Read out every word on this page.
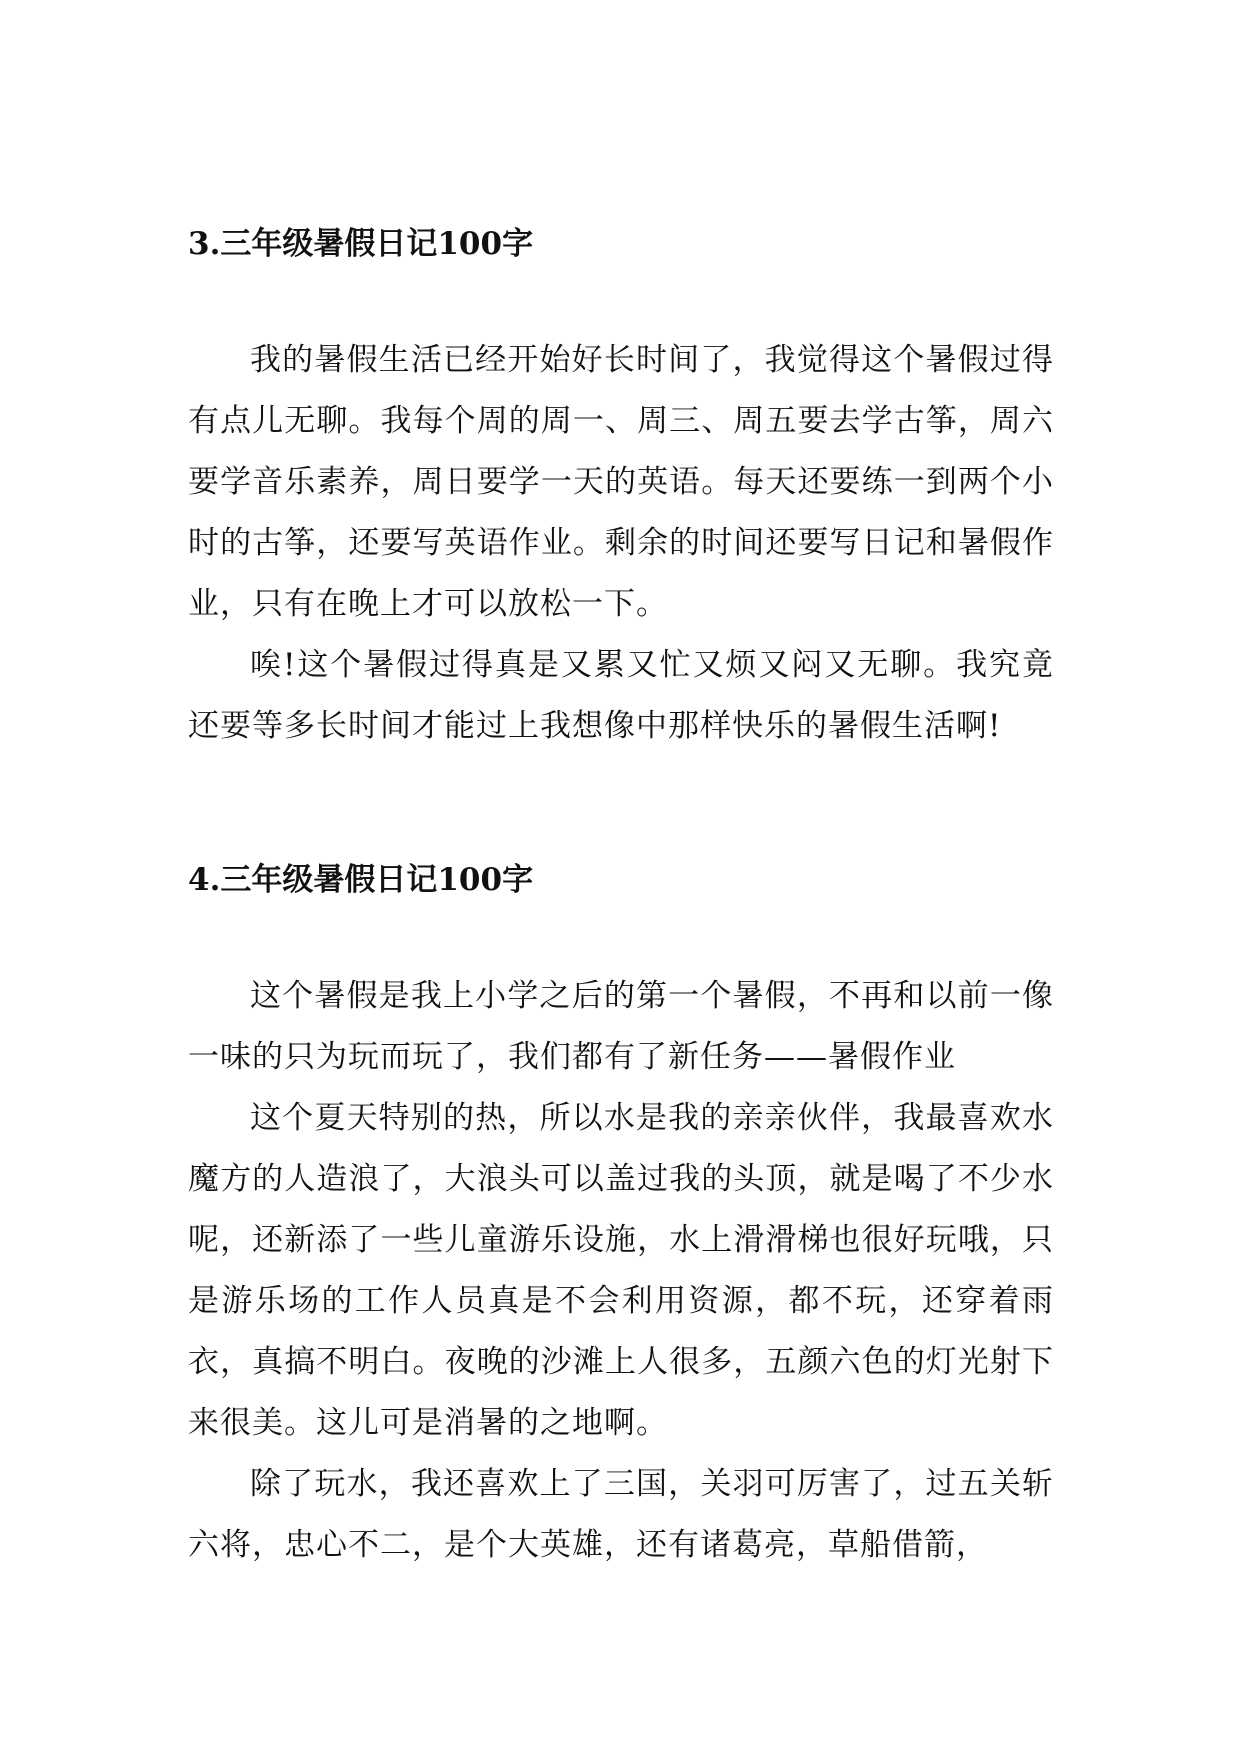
3.三年级暑假日记100字

我的暑假生活已经开始好长时间了，我觉得这个暑假过得有点儿无聊。我每个周的周一、周三、周五要去学古筝，周六要学音乐素养，周日要学一天的英语。每天还要练一到两个小时的古筝，还要写英语作业。剩余的时间还要写日记和暑假作业，只有在晚上才可以放松一下。

唉!这个暑假过得真是又累又忙又烦又闷又无聊。我究竟还要等多长时间才能过上我想像中那样快乐的暑假生活啊!

4.三年级暑假日记100字

这个暑假是我上小学之后的第一个暑假，不再和以前一像一味的只为玩而玩了，我们都有了新任务——暑假作业

这个夏天特别的热，所以水是我的亲亲伙伴，我最喜欢水魔方的人造浪了，大浪头可以盖过我的头顶，就是喝了不少水呢，还新添了一些儿童游乐设施，水上滑滑梯也很好玩哦，只是游乐场的工作人员真是不会利用资源，都不玩，还穿着雨衣，真搞不明白。夜晚的沙滩上人很多，五颜六色的灯光射下来很美。这儿可是消暑的之地啊。

除了玩水，我还喜欢上了三国，关羽可厉害了，过五关斩六将，忠心不二，是个大英雄，还有诸葛亮，草船借箭，
